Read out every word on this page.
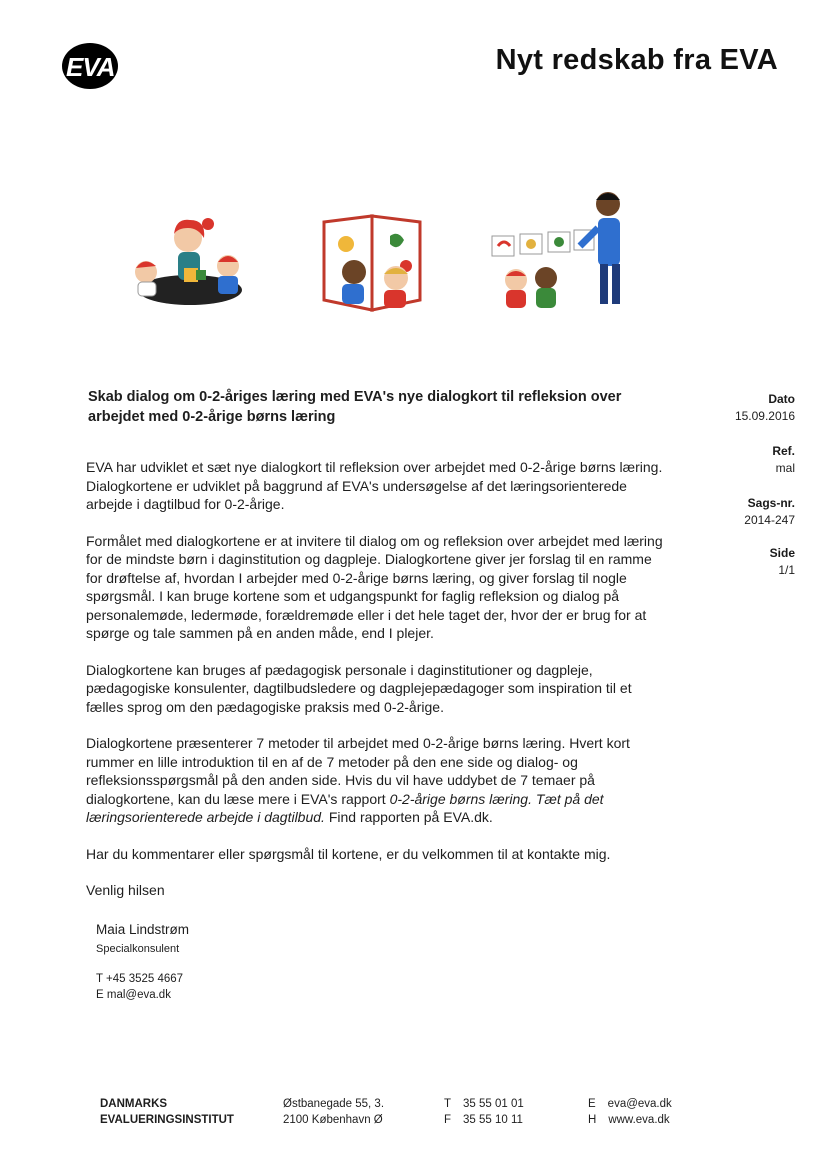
EVA	Nyt redskab fra EVA
Skab dialog om 0-2-åriges læring med EVA's nye dialogkort til refleksion over arbejdet med 0-2-årige børns læring
Dato
15.09.2016
Ref.
mal
Sags-nr.
2014-247
Side
1/1

EVA har udviklet et sæt nye dialogkort til refleksion over arbejdet med 0-2-årige børns læring. Dialogkortene er udviklet på baggrund af EVA's undersøgelse af det læringsorienterede arbejde i dagtilbud for 0-2-årige.

Formålet med dialogkortene er at invitere til dialog om og refleksion over arbejdet med læring for de mindste børn i daginstitution og dagpleje. Dialogkortene giver jer forslag til en ramme for drøftelse af, hvordan I arbejder med 0-2-årige børns læring, og giver forslag til nogle spørgsmål. I kan bruge kortene som et udgangspunkt for faglig refleksion og dialog på personalemøde, ledermøde, forældremøde eller i det hele taget der, hvor der er brug for at spørge og tale sammen på en anden måde, end I plejer.

Dialogkortene kan bruges af pædagogisk personale i daginstitutioner og dagpleje, pædagogiske konsulenter, dagtilbudsledere og dagplejepædagoger som inspiration til et fælles sprog om den pædagogiske praksis med 0-2-årige.

Dialogkortene præsenterer 7 metoder til arbejdet med 0-2-årige børns læring. Hvert kort rummer en lille introduktion til en af de 7 metoder på den ene side og dialog- og refleksionsspørgsmål på den anden side. Hvis du vil have uddybet de 7 temaer på dialogkortene, kan du læse mere i EVA's rapport 0-2-årige børns læring. Tæt på det læringsorienterede arbejde i dagtilbud. Find rapporten på EVA.dk.

Har du kommentarer eller spørgsmål til kortene, er du velkommen til at kontakte mig.

Venlig hilsen

Maia Lindstrøm
Specialkonsulent
T +45 3525 4667
E mal@eva.dk
DANMARKS
EVALUERINGSINSTITUT
Østbanegade 55, 3.
2100 København Ø
T 35 55 01 01
F 35 55 10 11
E eva@eva.dk
H www.eva.dk
